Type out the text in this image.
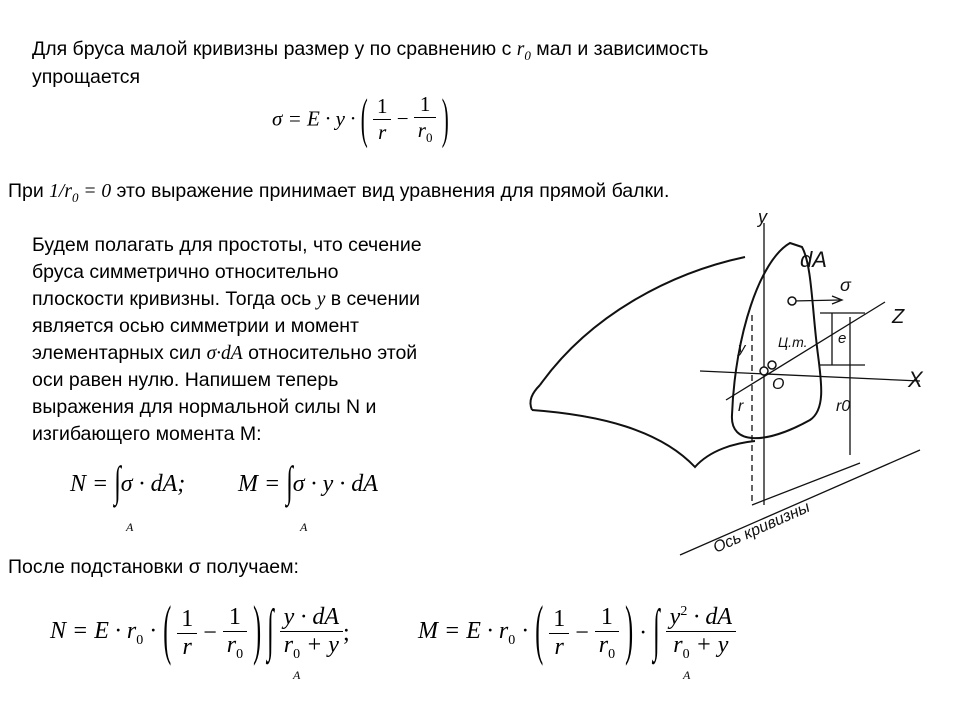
Для бруса малой кривизны размер у по сравнению с $r_0$ мал и зависимость
упрощается
σ = E · y · ( $\frac{1}{r} - \frac{1}{r_0}$ )
При $1/r_0 = 0$ это выражение принимает вид уравнения для прямой балки.
Будем полагать для простоты, что сечение
бруса симметрично относительно
плоскости кривизны. Тогда ось y в сечении
является осью симметрии и момент
элементарных сил σ·dA относительно этой
оси равен нулю. Напишем теперь
выражения для нормальной силы N и
изгибающего момента М:
N = ∫σ · dA;
A
M = ∫σ · y · dA
A
После подстановки σ получаем:
$N = E \cdot r_0$ · ( $\frac{1}{r} - \frac{1}{r_0}$ ) ∫ $\frac{y \cdot dA}{r_0 + y}$ ;
A
$M = E \cdot r_0$ · ( $\frac{1}{r} - \frac{1}{r_0}$ ) · ∫ $\frac{y^2 \cdot dA}{r_0 + y}$
A
y
dA
σ
Z
X
Ц.т.
O
e
y
r	r0
Ось кривизны
